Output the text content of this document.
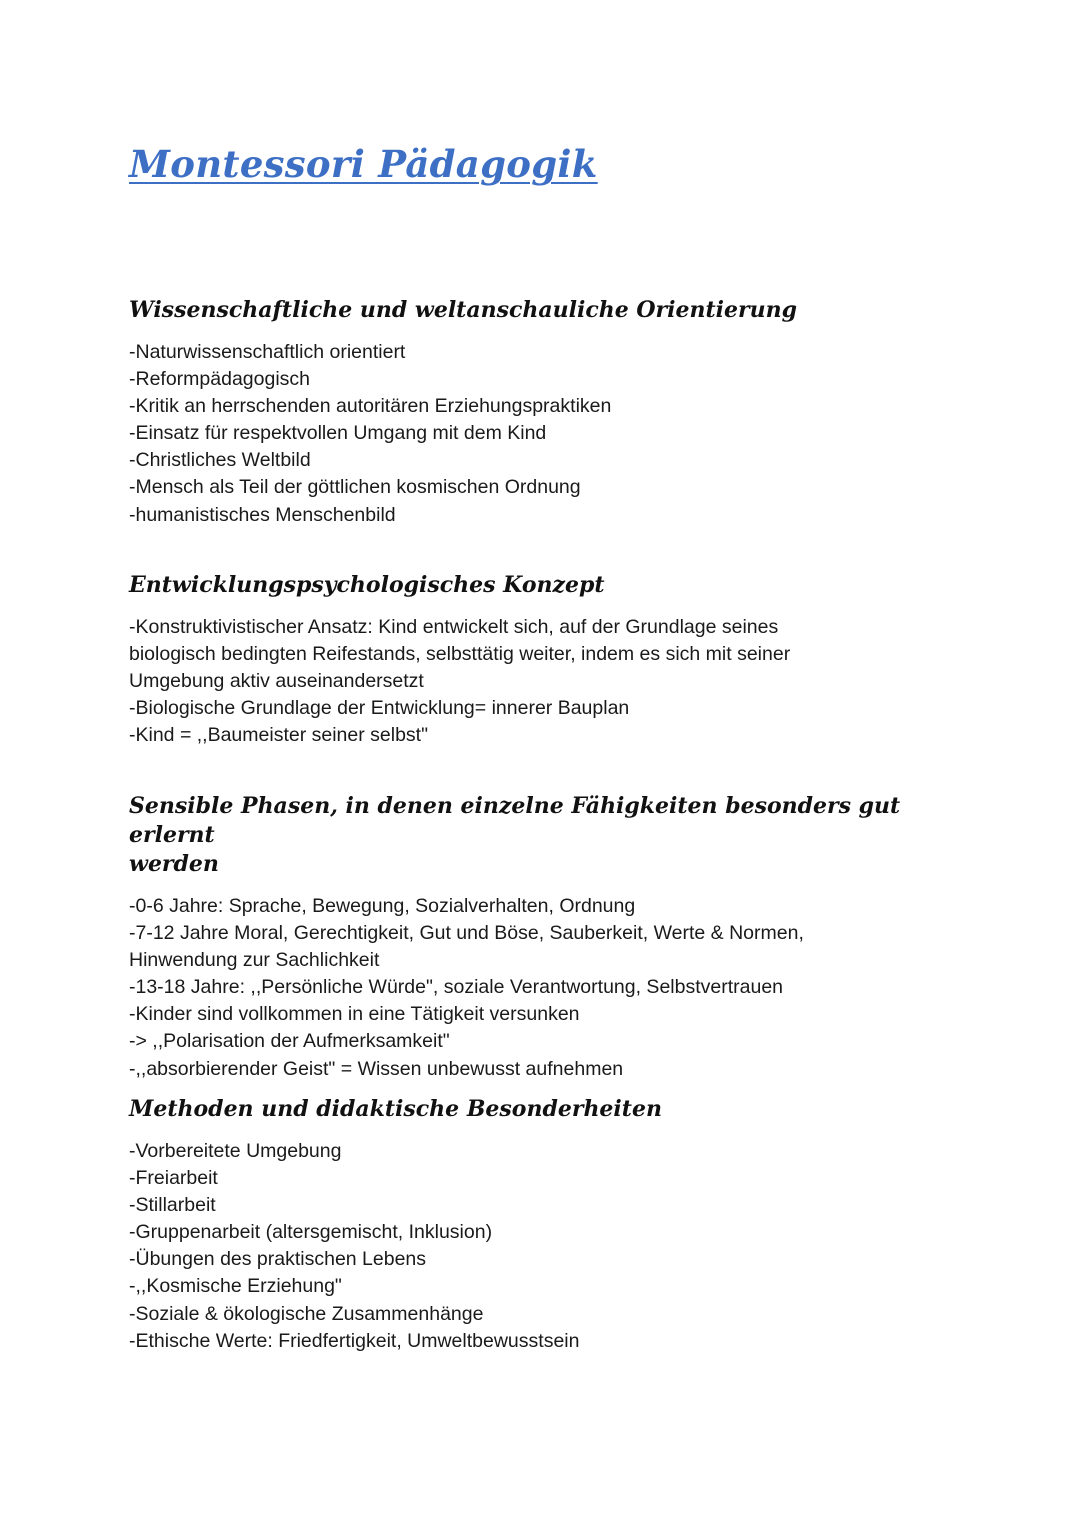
Montessori Pädagogik
Wissenschaftliche und weltanschauliche Orientierung
-Naturwissenschaftlich orientiert
-Reformpädagogisch
-Kritik an herrschenden autoritären Erziehungspraktiken
-Einsatz für respektvollen Umgang mit dem Kind
-Christliches Weltbild
-Mensch als Teil der göttlichen kosmischen Ordnung
-humanistisches Menschenbild
Entwicklungspsychologisches Konzept
-Konstruktivistischer Ansatz: Kind entwickelt sich, auf der Grundlage seines
biologisch bedingten Reifestands, selbsttätig weiter, indem es sich mit seiner
Umgebung aktiv auseinandersetzt
-Biologische Grundlage der Entwicklung= innerer Bauplan
-Kind = ,,Baumeister seiner selbst"
Sensible Phasen, in denen einzelne Fähigkeiten besonders gut erlernt
werden
-0-6 Jahre: Sprache, Bewegung, Sozialverhalten, Ordnung
-7-12 Jahre Moral, Gerechtigkeit, Gut und Böse, Sauberkeit, Werte & Normen,
Hinwendung zur Sachlichkeit
-13-18 Jahre: ,,Persönliche Würde", soziale Verantwortung, Selbstvertrauen
-Kinder sind vollkommen in eine Tätigkeit versunken
-> ,,Polarisation der Aufmerksamkeit"
-,,absorbierender Geist" = Wissen unbewusst aufnehmen
Methoden und didaktische Besonderheiten
-Vorbereitete Umgebung
-Freiarbeit
-Stillarbeit
-Gruppenarbeit (altersgemischt, Inklusion)
-Übungen des praktischen Lebens
-,,Kosmische Erziehung"
-Soziale & ökologische Zusammenhänge
-Ethische Werte: Friedfertigkeit, Umweltbewusstsein
